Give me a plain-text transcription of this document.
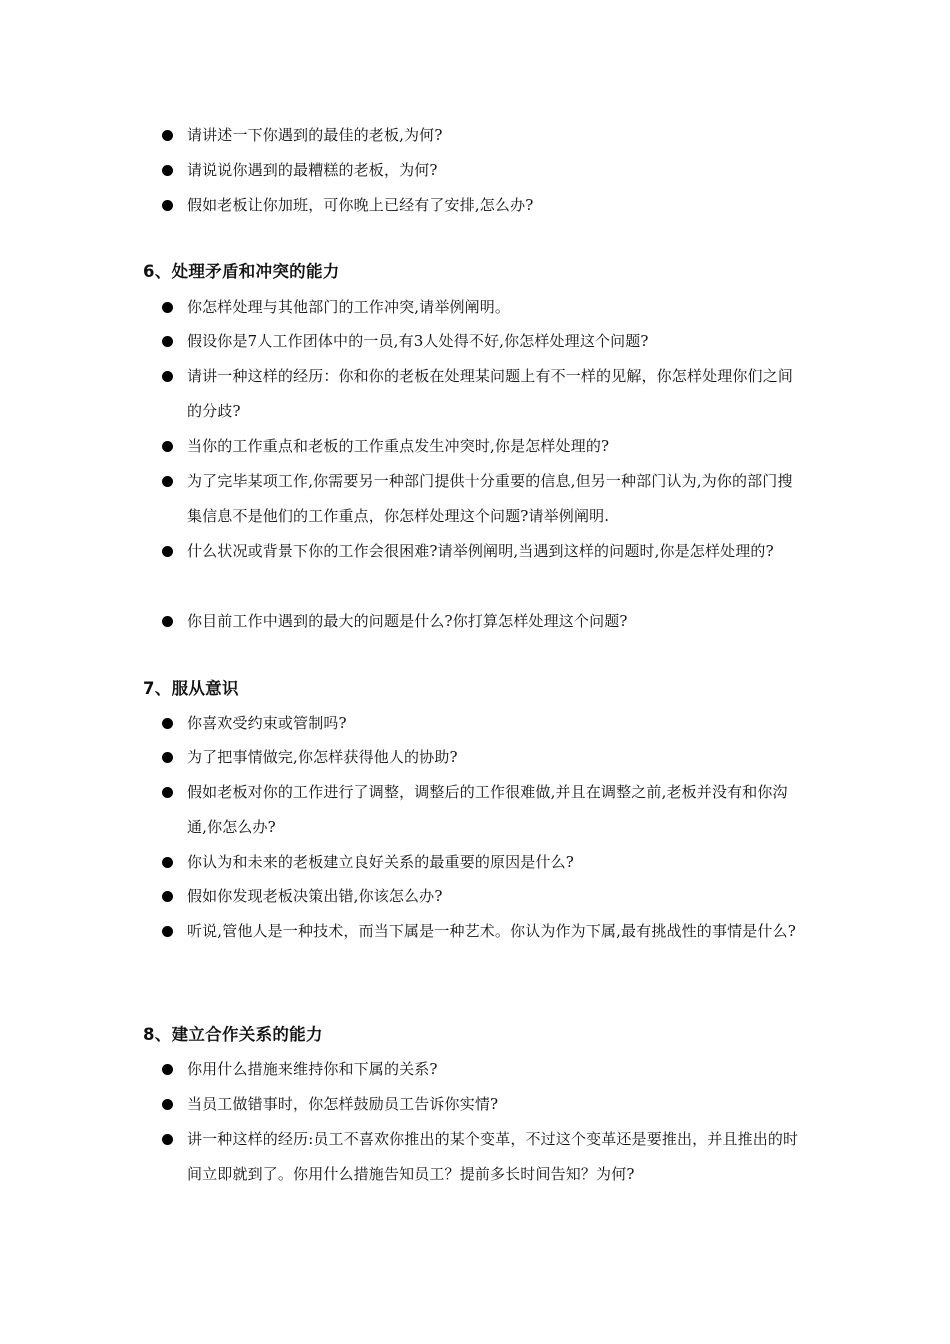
请讲述一下你遇到的最佳的老板,为何?
请说说你遇到的最糟糕的老板，为何?
假如老板让你加班，可你晚上已经有了安排,怎么办?
6、处理矛盾和冲突的能力
你怎样处理与其他部门的工作冲突,请举例阐明。
假设你是7人工作团体中的一员,有3人处得不好,你怎样处理这个问题?
请讲一种这样的经历：你和你的老板在处理某问题上有不一样的见解，你怎样处理你们之间的分歧?
当你的工作重点和老板的工作重点发生冲突时,你是怎样处理的?
为了完毕某项工作,你需要另一种部门提供十分重要的信息,但另一种部门认为,为你的部门搜集信息不是他们的工作重点，你怎样处理这个问题?请举例阐明.
什么状况或背景下你的工作会很困难?请举例阐明,当遇到这样的问题时,你是怎样处理的?
你目前工作中遇到的最大的问题是什么?你打算怎样处理这个问题?
7、服从意识
你喜欢受约束或管制吗?
为了把事情做完,你怎样获得他人的协助?
假如老板对你的工作进行了调整，调整后的工作很难做,并且在调整之前,老板并没有和你沟通,你怎么办?
你认为和未来的老板建立良好关系的最重要的原因是什么?
假如你发现老板决策出错,你该怎么办?
听说,管他人是一种技术，而当下属是一种艺术。你认为作为下属,最有挑战性的事情是什么?
8、建立合作关系的能力
你用什么措施来维持你和下属的关系?
当员工做错事时，你怎样鼓励员工告诉你实情?
讲一种这样的经历:员工不喜欢你推出的某个变革，不过这个变革还是要推出，并且推出的时间立即就到了。你用什么措施告知员工？提前多长时间告知？为何?
